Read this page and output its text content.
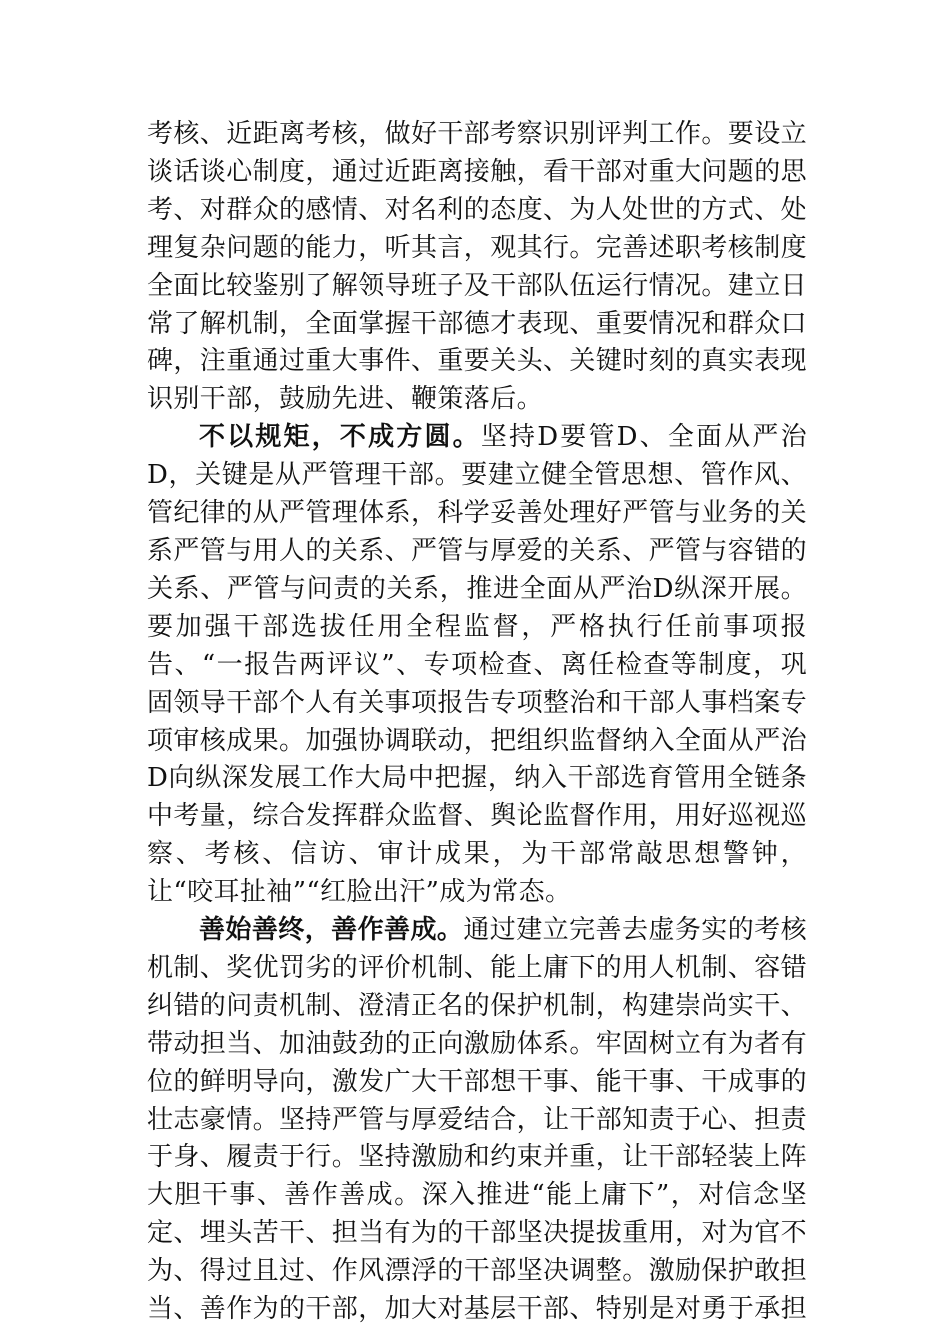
考核、近距离考核，做好干部考察识别评判工作。要设立谈话谈心制度，通过近距离接触，看干部对重大问题的思考、对群众的感情、对名利的态度、为人处世的方式、处理复杂问题的能力，听其言，观其行。完善述职考核制度全面比较鉴别了解领导班子及干部队伍运行情况。建立日常了解机制，全面掌握干部德才表现、重要情况和群众口碑，注重通过重大事件、重要关头、关键时刻的真实表现识别干部，鼓励先进、鞭策落后。

不以规矩，不成方圆。坚持D要管D、全面从严治D，关键是从严管理干部。要建立健全管思想、管作风、管纪律的从严管理体系，科学妥善处理好严管与业务的关系严管与用人的关系、严管与厚爱的关系、严管与容错的关系、严管与问责的关系，推进全面从严治D纵深开展。要加强干部选拔任用全程监督，严格执行任前事项报告、“一报告两评议”、专项检查、离任检查等制度，巩固领导干部个人有关事项报告专项整治和干部人事档案专项审核成果。加强协调联动，把组织监督纳入全面从严治D向纵深发展工作大局中把握，纳入干部选育管用全链条中考量，综合发挥群众监督、舆论监督作用，用好巡视巡察、考核、信访、审计成果，为干部常敲思想警钟，让“咬耳扯袖”“红脸出汗”成为常态。

善始善终，善作善成。通过建立完善去虚务实的考核机制、奖优罚劣的评价机制、能上庸下的用人机制、容错纠错的问责机制、澄清正名的保护机制，构建崇尚实干、带动担当、加油鼓劲的正向激励体系。牢固树立有为者有位的鲜明导向，激发广大干部想干事、能干事、干成事的壮志豪情。坚持严管与厚爱结合，让干部知责于心、担责于身、履责于行。坚持激励和约束并重，让干部轻装上阵大胆干事、善作善成。深入推进“能上庸下”，对信念坚定、埋头苦干、担当有为的干部坚决提拔重用，对为官不为、得过且过、作风漂浮的干部坚决调整。激励保护敢担当、善作为的干部，加大对基层干部、特别是对勇于承担
